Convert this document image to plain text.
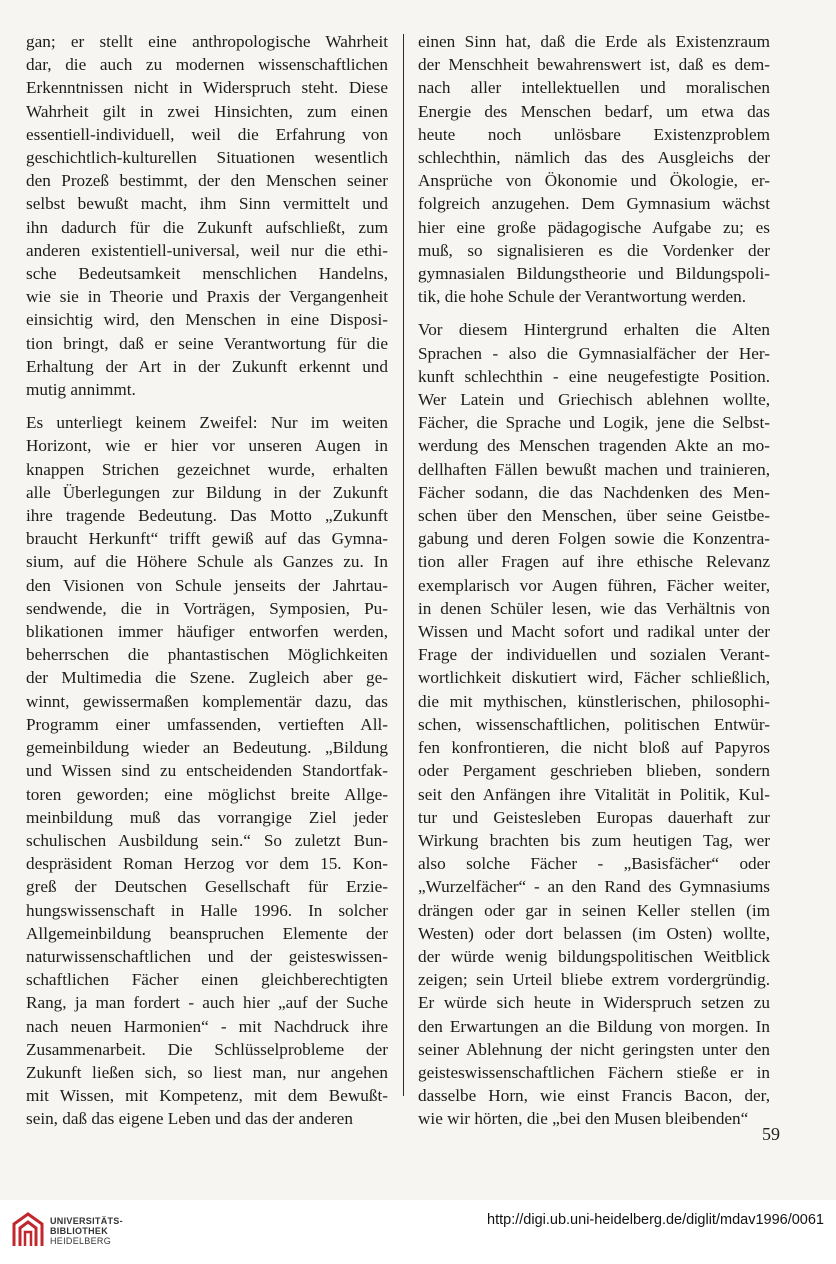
gan; er stellt eine anthropologische Wahrheit
dar, die auch zu modernen wissenschaftlichen
Erkenntnissen nicht in Widerspruch steht. Diese
Wahrheit gilt in zwei Hinsichten, zum einen
essentiell-individuell, weil die Erfahrung von
geschichtlich-kulturellen Situationen wesentlich
den Prozeß bestimmt, der den Menschen seiner
selbst bewußt macht, ihm Sinn vermittelt und
ihn dadurch für die Zukunft aufschließt, zum
anderen existentiell-universal, weil nur die ethi-
sche Bedeutsamkeit menschlichen Handelns,
wie sie in Theorie und Praxis der Vergangenheit
einsichtig wird, den Menschen in eine Disposi-
tion bringt, daß er seine Verantwortung für die
Erhaltung der Art in der Zukunft erkennt und
mutig annimmt.
Es unterliegt keinem Zweifel: Nur im weiten
Horizont, wie er hier vor unseren Augen in
knappen Strichen gezeichnet wurde, erhalten
alle Überlegungen zur Bildung in der Zukunft
ihre tragende Bedeutung. Das Motto „Zukunft
braucht Herkunft“ trifft gewiß auf das Gymna-
sium, auf die Höhere Schule als Ganzes zu. In
den Visionen von Schule jenseits der Jahrtau-
sendwende, die in Vorträgen, Symposien, Pu-
blikationen immer häufiger entworfen werden,
beherrschen die phantastischen Möglichkeiten
der Multimedia die Szene. Zugleich aber ge-
winnt, gewissermaßen komplementär dazu, das
Programm einer umfassenden, vertieften All-
gemeinbildung wieder an Bedeutung. „Bildung
und Wissen sind zu entscheidenden Standortfak-
toren geworden; eine möglichst breite Allge-
meinbildung muß das vorrangige Ziel jeder
schulischen Ausbildung sein.“ So zuletzt Bun-
despräsident Roman Herzog vor dem 15. Kon-
greß der Deutschen Gesellschaft für Erzie-
hungswissenschaft in Halle 1996. In solcher
Allgemeinbildung beanspruchen Elemente der
naturwissenschaftlichen und der geisteswissen-
schaftlichen Fächer einen gleichberechtigten
Rang, ja man fordert - auch hier „auf der Suche
nach neuen Harmonien“ - mit Nachdruck ihre
Zusammenarbeit. Die Schlüsselprobleme der
Zukunft ließen sich, so liest man, nur angehen
mit Wissen, mit Kompetenz, mit dem Bewußt-
sein, daß das eigene Leben und das der anderen
einen Sinn hat, daß die Erde als Existenzraum
der Menschheit bewahrenswert ist, daß es dem-
nach aller intellektuellen und moralischen
Energie des Menschen bedarf, um etwa das
heute noch unlösbare Existenzproblem
schlechthin, nämlich das des Ausgleichs der
Ansprüche von Ökonomie und Ökologie, er-
folgreich anzugehen. Dem Gymnasium wächst
hier eine große pädagogische Aufgabe zu; es
muß, so signalisieren es die Vordenker der
gymnasialen Bildungstheorie und Bildungspoli-
tik, die hohe Schule der Verantwortung werden.
Vor diesem Hintergrund erhalten die Alten
Sprachen - also die Gymnasialfächer der Her-
kunft schlechthin - eine neugefestigte Position.
Wer Latein und Griechisch ablehnen wollte,
Fächer, die Sprache und Logik, jene die Selbst-
werdung des Menschen tragenden Akte an mo-
dellhaften Fällen bewußt machen und trainieren,
Fächer sodann, die das Nachdenken des Men-
schen über den Menschen, über seine Geistbe-
gabung und deren Folgen sowie die Konzentra-
tion aller Fragen auf ihre ethische Relevanz
exemplarisch vor Augen führen, Fächer weiter,
in denen Schüler lesen, wie das Verhältnis von
Wissen und Macht sofort und radikal unter der
Frage der individuellen und sozialen Verant-
wortlichkeit diskutiert wird, Fächer schließlich,
die mit mythischen, künstlerischen, philosophi-
schen, wissenschaftlichen, politischen Entwür-
fen konfrontieren, die nicht bloß auf Papyros
oder Pergament geschrieben blieben, sondern
seit den Anfängen ihre Vitalität in Politik, Kul-
tur und Geistesleben Europas dauerhaft zur
Wirkung brachten bis zum heutigen Tag, wer
also solche Fächer - „Basisfächer“ oder
„Wurzelfächer“ - an den Rand des Gymnasiums
drängen oder gar in seinen Keller stellen (im
Westen) oder dort belassen (im Osten) wollte,
der würde wenig bildungspolitischen Weitblick
zeigen; sein Urteil bliebe extrem vordergründig.
Er würde sich heute in Widerspruch setzen zu
den Erwartungen an die Bildung von morgen. In
seiner Ablehnung der nicht geringsten unter den
geisteswissenschaftlichen Fächern stieße er in
dasselbe Horn, wie einst Francis Bacon, der,
wie wir hörten, die „bei den Musen bleibenden“
59
UNIVERSITÄTS-
BIBLIOTHEK
HEIDELBERG
http://digi.ub.uni-heidelberg.de/diglit/mdav1996/0061
